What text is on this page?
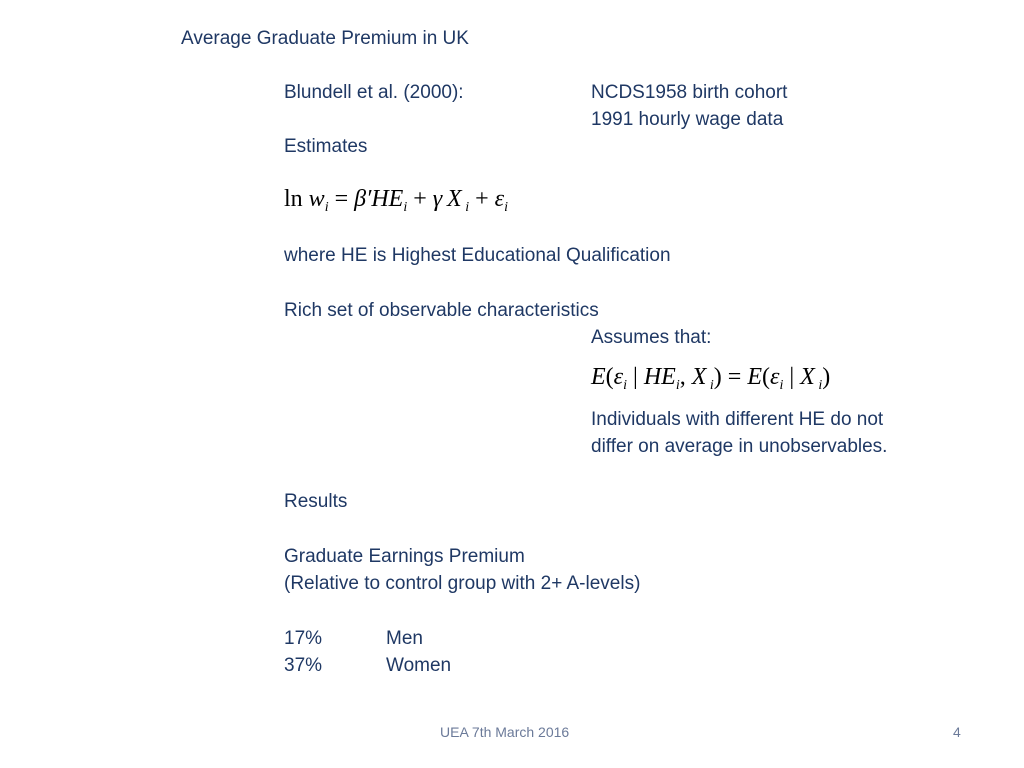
Average Graduate Premium in UK
Blundell et al. (2000):	NCDS1958 birth cohort
1991 hourly wage data
Estimates
$\ln w_i = \beta'HE_i + \gamma$ X $_i + \varepsilon_i$
where HE is Highest Educational Qualification
Rich set of observable characteristics
Assumes that:
$E(\varepsilon_i$ | $HE_i$, X $_i) = E(\varepsilon_i$ | X $_i$)
Individuals with different HE do not
differ on average in unobservables.
Results
Graduate Earnings Premium
(Relative to control group with 2+ A-levels)
17%	Men
37%	Women
UEA 7th March 2016	4
